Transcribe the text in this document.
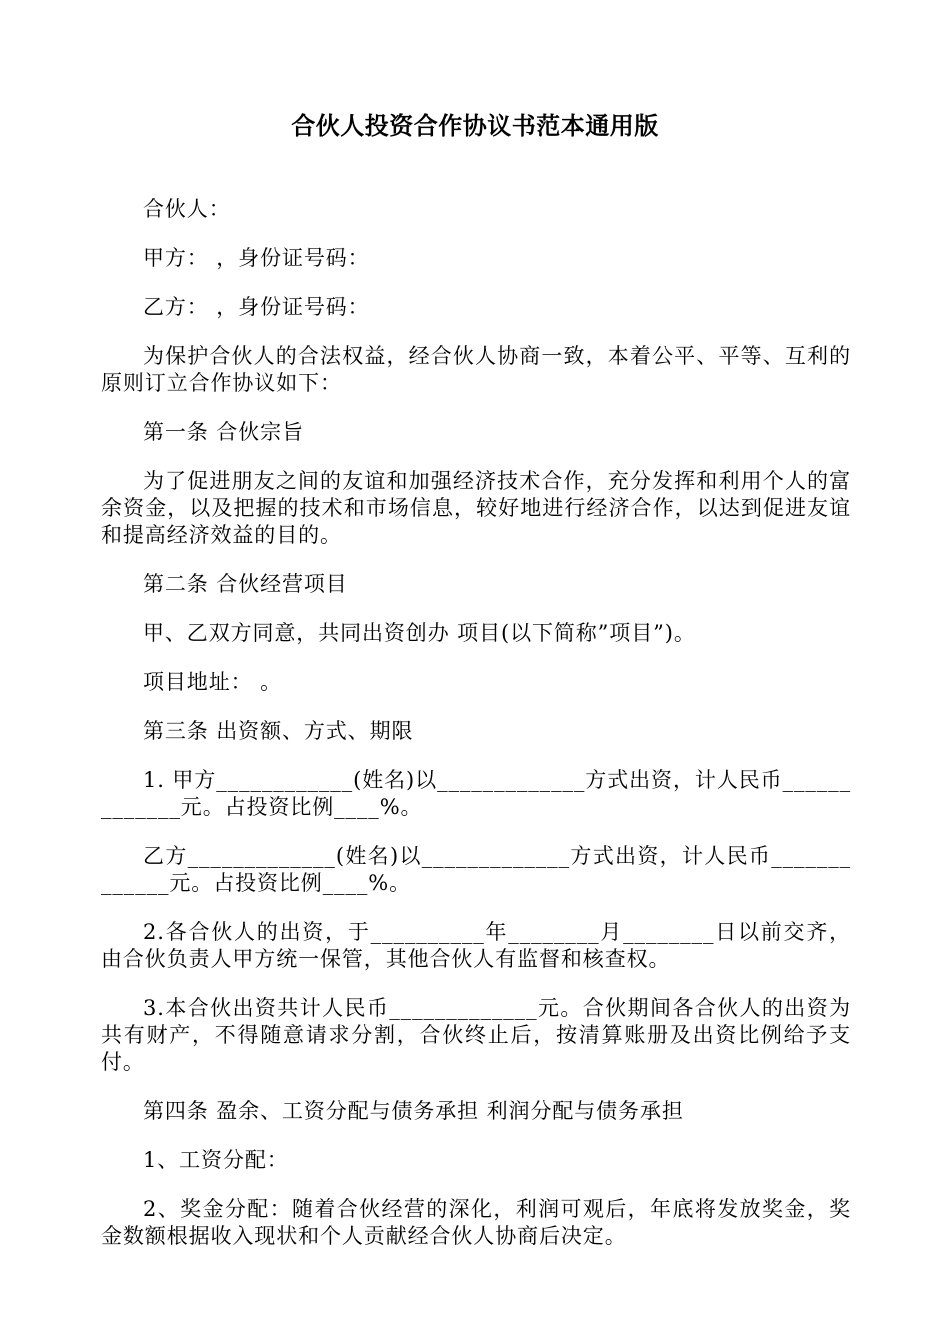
合伙人投资合作协议书范本通用版

合伙人：

甲方： ，身份证号码：

乙方： ，身份证号码：

为保护合伙人的合法权益，经合伙人协商一致，本着公平、平等、互利的原则订立合作协议如下：

第一条 合伙宗旨

为了促进朋友之间的友谊和加强经济技术合作，充分发挥和利用个人的富余资金，以及把握的技术和市场信息，较好地进行经济合作，以达到促进友谊和提高经济效益的目的。

第二条 合伙经营项目

甲、乙双方同意，共同出资创办 项目(以下简称”项目”)。

项目地址： 。

第三条 出资额、方式、期限

1. 甲方____________(姓名)以_____________方式出资，计人民币_____________元。占投资比例____%。

乙方_____________(姓名)以_____________方式出资，计人民币_____________元。占投资比例____%。

2.各合伙人的出资，于__________年________月________日以前交齐，由合伙负责人甲方统一保管，其他合伙人有监督和核查权。

3.本合伙出资共计人民币_____________元。合伙期间各合伙人的出资为共有财产，不得随意请求分割，合伙终止后，按清算账册及出资比例给予支付。

第四条 盈余、工资分配与债务承担 利润分配与债务承担

1、工资分配：

2、奖金分配：随着合伙经营的深化，利润可观后，年底将发放奖金，奖金数额根据收入现状和个人贡献经合伙人协商后决定。
